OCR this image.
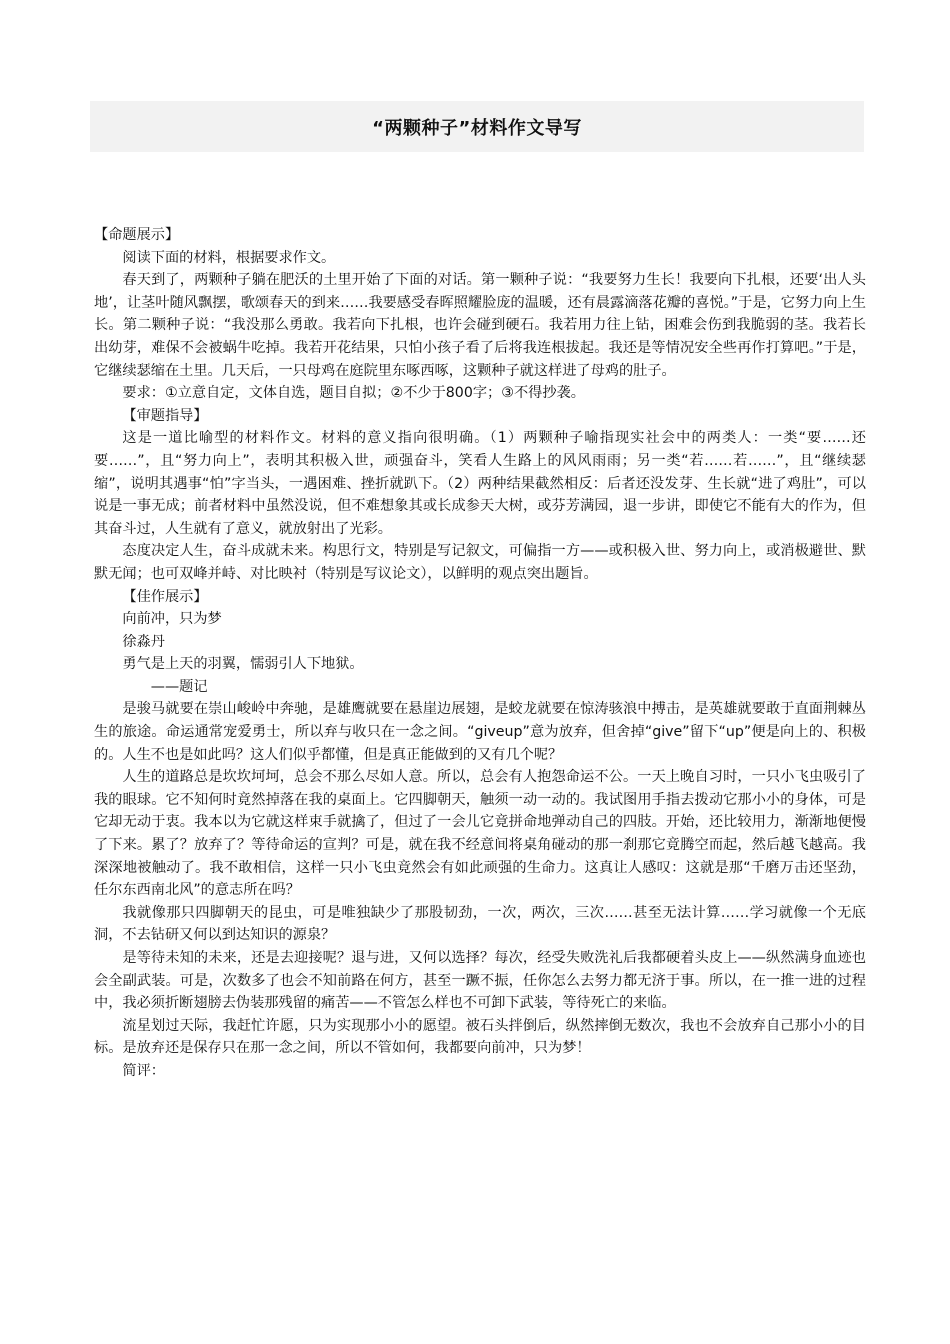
“两颗种子”材料作文导写

【命题展示】

阅读下面的材料，根据要求作文。

春天到了，两颗种子躺在肥沃的土里开始了下面的对话。第一颗种子说：“我要努力生长！我要向下扎根，还要‘出人头地’，让茎叶随风飘摆，歌颂春天的到来……我要感受春晖照耀脸庞的温暖，还有晨露滴落花瓣的喜悦。”于是，它努力向上生长。第二颗种子说：“我没那么勇敢。我若向下扎根，也许会碰到硬石。我若用力往上钻，困难会伤到我脆弱的茎。我若长出幼芽，难保不会被蜗牛吃掉。我若开花结果，只怕小孩子看了后将我连根拔起。我还是等情况安全些再作打算吧。”于是，它继续瑟缩在土里。几天后，一只母鸡在庭院里东啄西啄，这颗种子就这样进了母鸡的肚子。

要求：①立意自定，文体自选，题目自拟；②不少于800字；③不得抄袭。

【审题指导】

这是一道比喻型的材料作文。材料的意义指向很明确。（1）两颗种子喻指现实社会中的两类人：一类“要……还要……”，且“努力向上”，表明其积极入世，顽强奋斗，笑看人生路上的风风雨雨；另一类“若……若……”，且“继续瑟缩”，说明其遇事“怕”字当头，一遇困难、挫折就趴下。（2）两种结果截然相反：后者还没发芽、生长就“进了鸡肚”，可以说是一事无成；前者材料中虽然没说，但不难想象其或长成参天大树，或芬芳满园，退一步讲，即使它不能有大的作为，但其奋斗过，人生就有了意义，就放射出了光彩。

态度决定人生，奋斗成就未来。构思行文，特别是写记叙文，可偏指一方——或积极入世、努力向上，或消极避世、默默无闻；也可双峰并峙、对比映衬（特别是写议论文），以鲜明的观点突出题旨。

【佳作展示】

向前冲，只为梦

徐淼丹

勇气是上天的羽翼，懦弱引人下地狱。

——题记

是骏马就要在崇山峻岭中奔驰，是雄鹰就要在悬崖边展翅，是蛟龙就要在惊涛骇浪中搏击，是英雄就要敢于直面荆棘丛生的旅途。命运通常宠爱勇士，所以弃与收只在一念之间。“giveup”意为放弃，但舍掉“give”留下“up”便是向上的、积极的。人生不也是如此吗？这人们似乎都懂，但是真正能做到的又有几个呢？

人生的道路总是坎坎坷坷，总会不那么尽如人意。所以，总会有人抱怨命运不公。一天上晚自习时，一只小飞虫吸引了我的眼球。它不知何时竟然掉落在我的桌面上。它四脚朝天，触须一动一动的。我试图用手指去拨动它那小小的身体，可是它却无动于衷。我本以为它就这样束手就擒了，但过了一会儿它竟拼命地弹动自己的四肢。开始，还比较用力，渐渐地便慢了下来。累了？放弃了？等待命运的宣判？可是，就在我不经意间将桌角碰动的那一刹那它竟腾空而起，然后越飞越高。我深深地被触动了。我不敢相信，这样一只小飞虫竟然会有如此顽强的生命力。这真让人感叹：这就是那“千磨万击还坚劲，任尔东西南北风”的意志所在吗？

我就像那只四脚朝天的昆虫，可是唯独缺少了那股韧劲，一次，两次，三次……甚至无法计算……学习就像一个无底洞，不去钻研又何以到达知识的源泉？

是等待未知的未来，还是去迎接呢？退与进，又何以选择？每次，经受失败洗礼后我都硬着头皮上——纵然满身血迹也会全副武装。可是，次数多了也会不知前路在何方，甚至一蹶不振，任你怎么去努力都无济于事。所以，在一推一进的过程中，我必须折断翅膀去伪装那残留的痛苦——不管怎么样也不可卸下武装，等待死亡的来临。

流星划过天际，我赶忙许愿，只为实现那小小的愿望。被石头拌倒后，纵然摔倒无数次，我也不会放弃自己那小小的目标。是放弃还是保存只在那一念之间，所以不管如何，我都要向前冲，只为梦！

简评：
